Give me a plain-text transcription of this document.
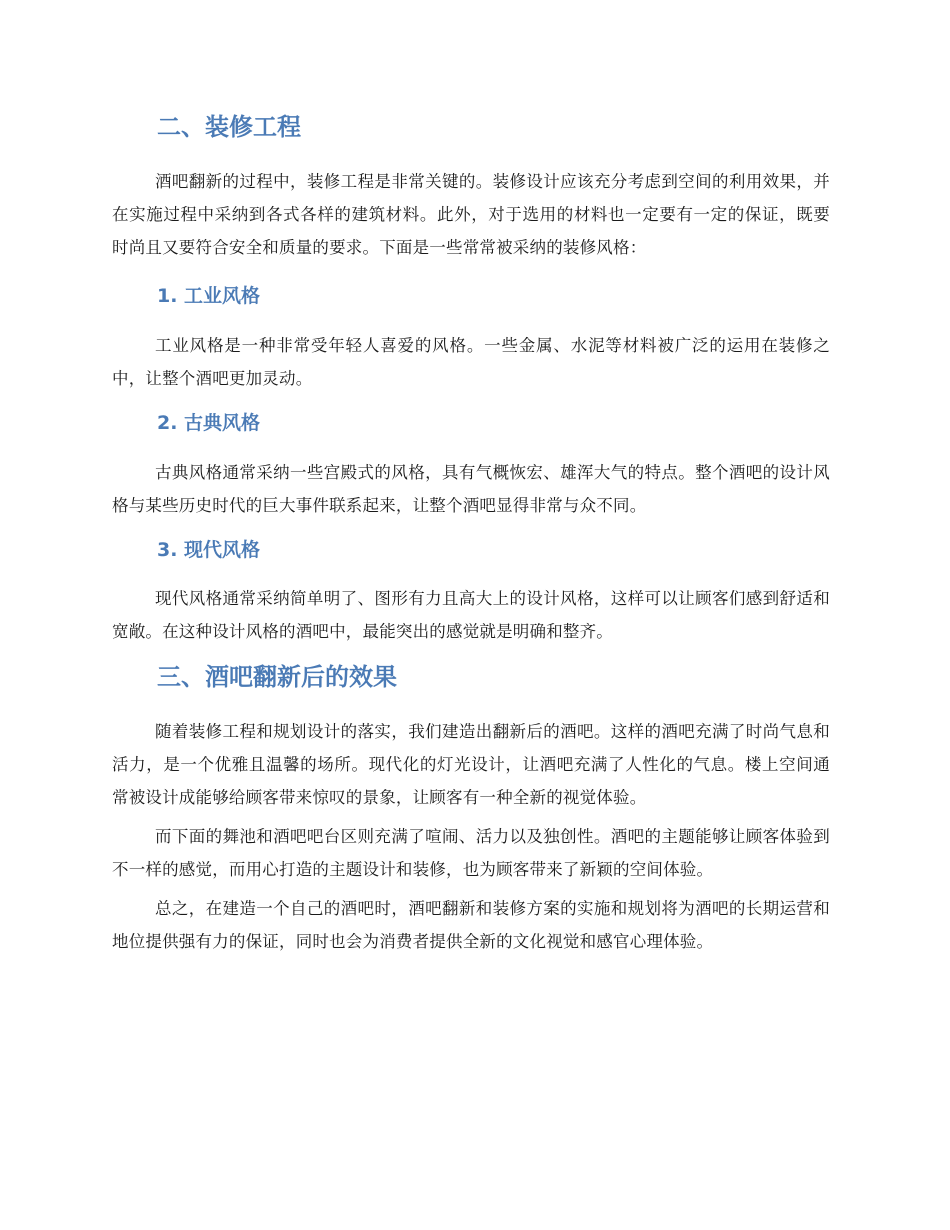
二、装修工程

酒吧翻新的过程中，装修工程是非常关键的。装修设计应该充分考虑到空间的利用效果，并在实施过程中采纳到各式各样的建筑材料。此外，对于选用的材料也一定要有一定的保证，既要时尚且又要符合安全和质量的要求。下面是一些常常被采纳的装修风格：

1. 工业风格

工业风格是一种非常受年轻人喜爱的风格。一些金属、水泥等材料被广泛的运用在装修之中，让整个酒吧更加灵动。

2. 古典风格

古典风格通常采纳一些宫殿式的风格，具有气概恢宏、雄浑大气的特点。整个酒吧的设计风格与某些历史时代的巨大事件联系起来，让整个酒吧显得非常与众不同。

3. 现代风格

现代风格通常采纳简单明了、图形有力且高大上的设计风格，这样可以让顾客们感到舒适和宽敞。在这种设计风格的酒吧中，最能突出的感觉就是明确和整齐。

三、酒吧翻新后的效果

随着装修工程和规划设计的落实，我们建造出翻新后的酒吧。这样的酒吧充满了时尚气息和活力，是一个优雅且温馨的场所。现代化的灯光设计，让酒吧充满了人性化的气息。楼上空间通常被设计成能够给顾客带来惊叹的景象，让顾客有一种全新的视觉体验。

而下面的舞池和酒吧吧台区则充满了喧闹、活力以及独创性。酒吧的主题能够让顾客体验到不一样的感觉，而用心打造的主题设计和装修，也为顾客带来了新颖的空间体验。

总之，在建造一个自己的酒吧时，酒吧翻新和装修方案的实施和规划将为酒吧的长期运营和地位提供强有力的保证，同时也会为消费者提供全新的文化视觉和感官心理体验。
